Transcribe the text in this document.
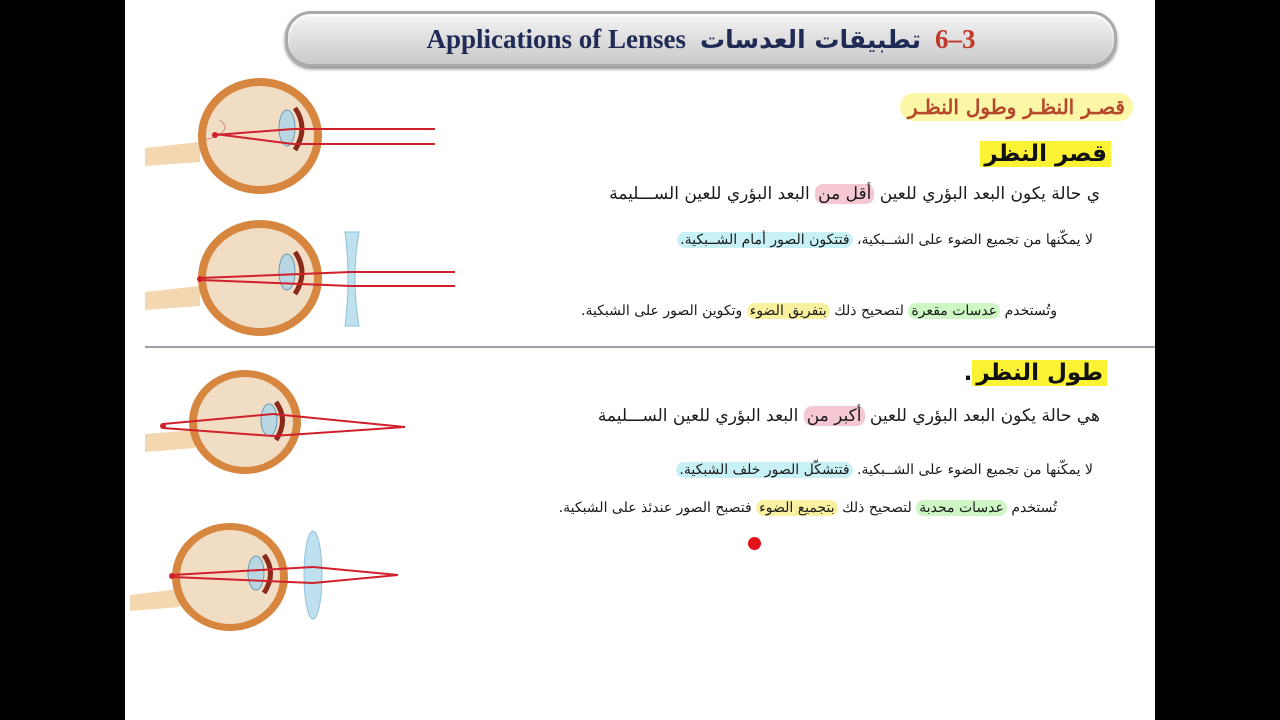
Applications of Lenses تطبيقات العدسات 6–3
قصـر النظـر وطول النظـر
قصر النظر
ي حالة يكون البعد البؤري للعين أقل من البعد البؤري للعين الســـليمة
لا يمكّنها من تجميع الضوء على الشــبكية، فتتكون الصور أمام الشــبكية.
وتُستخدم عدسات مقعرة لتصحيح ذلك بتفريق الضوء وتكوين الصور على الشبكية.
طول النظر.
هي حالة يكون البعد البؤري للعين أكبر من البعد البؤري للعين الســـليمة
لا يمكّنها من تجميع الضوء على الشــبكية. فتتشكّل الصور خلف الشبكية.
تُستخدم عدسات محدبة لتصحيح ذلك بتجميع الضوء فتصبح الصور عندئذ على الشبكية.
